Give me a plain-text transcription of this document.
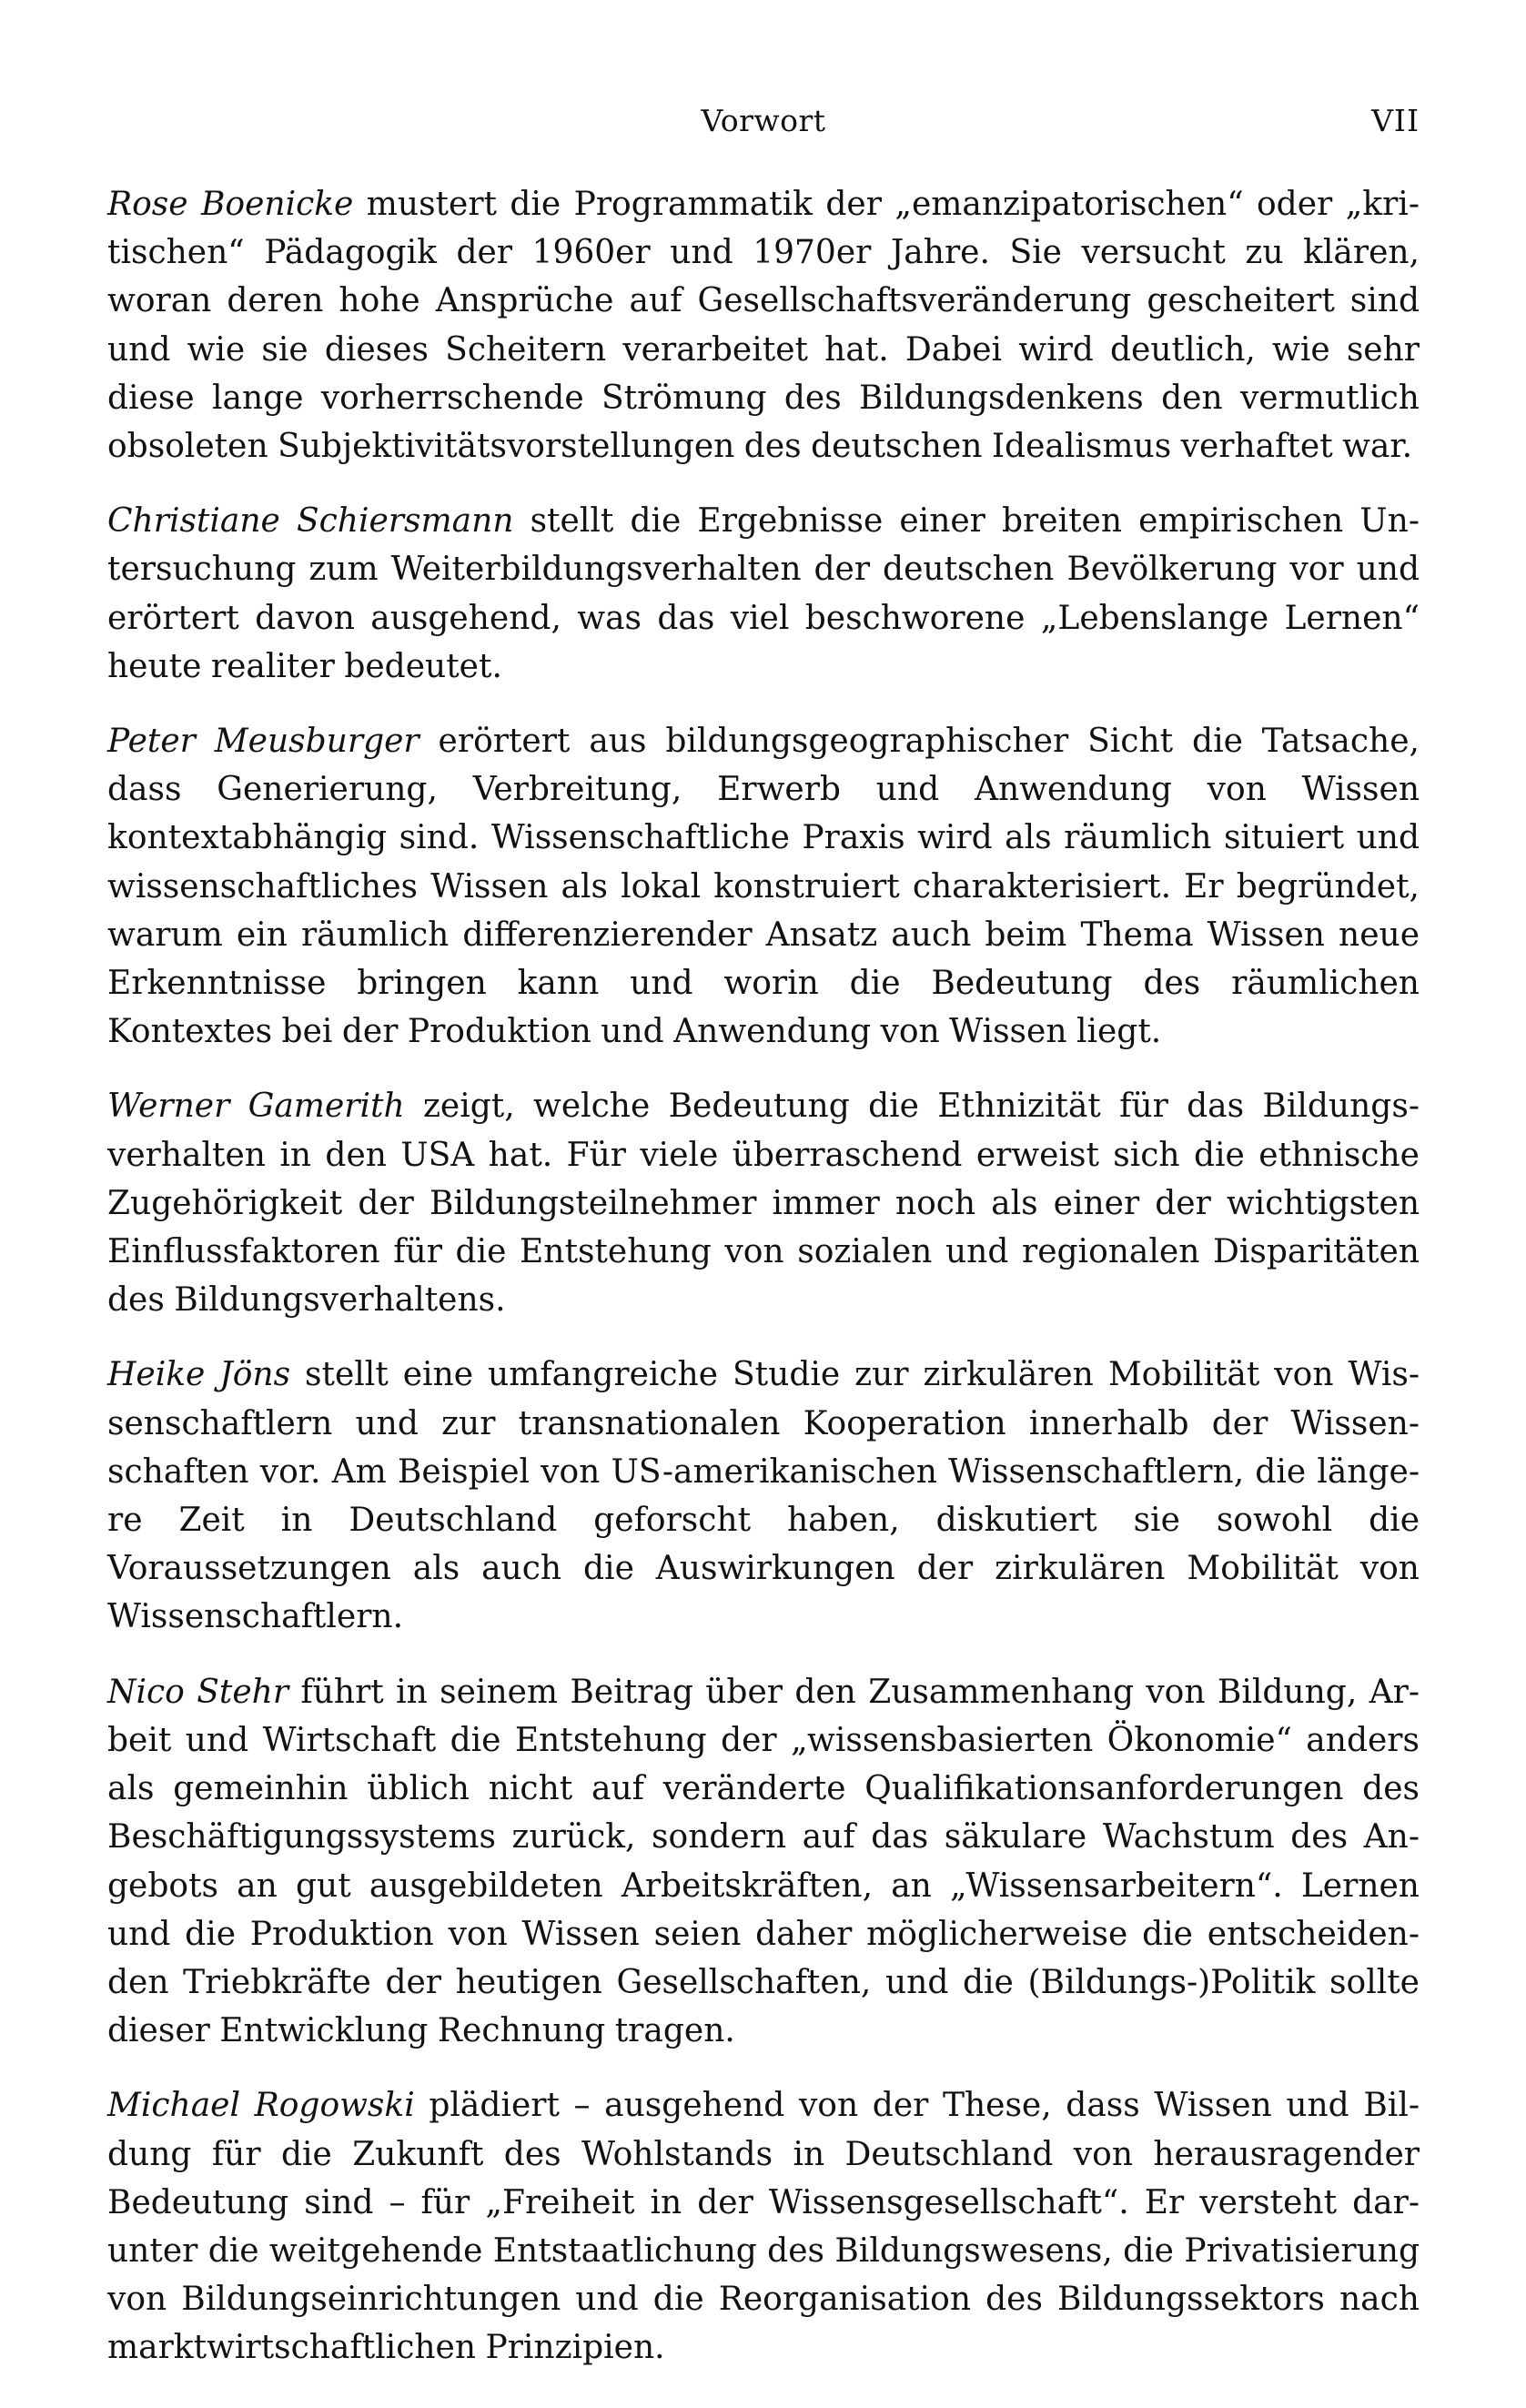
Vorwort	VII

Rose Boenicke mustert die Programmatik der „emanzipatorischen“ oder „kritischen“ Pädagogik der 1960er und 1970er Jahre. Sie versucht zu klären, woran deren hohe Ansprüche auf Gesellschaftsveränderung gescheitert sind und wie sie dieses Scheitern verarbeitet hat. Dabei wird deutlich, wie sehr diese lange vorherrschende Strömung des Bildungsdenkens den vermutlich obsoleten Subjektivitätsvorstellungen des deutschen Idealismus verhaftet war.

Christiane Schiersmann stellt die Ergebnisse einer breiten empirischen Untersuchung zum Weiterbildungsverhalten der deutschen Bevölkerung vor und erörtert davon ausgehend, was das viel beschworene „Lebenslange Lernen“ heute realiter bedeutet.

Peter Meusburger erörtert aus bildungsgeographischer Sicht die Tatsache, dass Generierung, Verbreitung, Erwerb und Anwendung von Wissen kontextabhängig sind. Wissenschaftliche Praxis wird als räumlich situiert und wissenschaftliches Wissen als lokal konstruiert charakterisiert. Er begründet, warum ein räumlich differenzierender Ansatz auch beim Thema Wissen neue Erkenntnisse bringen kann und worin die Bedeutung des räumlichen Kontextes bei der Produktion und Anwendung von Wissen liegt.

Werner Gamerith zeigt, welche Bedeutung die Ethnizität für das Bildungsverhalten in den USA hat. Für viele überraschend erweist sich die ethnische Zugehörigkeit der Bildungsteilnehmer immer noch als einer der wichtigsten Einflussfaktoren für die Entstehung von sozialen und regionalen Disparitäten des Bildungsverhaltens.

Heike Jöns stellt eine umfangreiche Studie zur zirkulären Mobilität von Wissenschaftlern und zur transnationalen Kooperation innerhalb der Wissenschaften vor. Am Beispiel von US-amerikanischen Wissenschaftlern, die längere Zeit in Deutschland geforscht haben, diskutiert sie sowohl die Voraussetzungen als auch die Auswirkungen der zirkulären Mobilität von Wissenschaftlern.

Nico Stehr führt in seinem Beitrag über den Zusammenhang von Bildung, Arbeit und Wirtschaft die Entstehung der „wissensbasierten Ökonomie“ anders als gemeinhin üblich nicht auf veränderte Qualifikationsanforderungen des Beschäftigungssystems zurück, sondern auf das säkulare Wachstum des Angebots an gut ausgebildeten Arbeitskräften, an „Wissensarbeitern“. Lernen und die Produktion von Wissen seien daher möglicherweise die entscheidenden Triebkräfte der heutigen Gesellschaften, und die (Bildungs-)Politik sollte dieser Entwicklung Rechnung tragen.

Michael Rogowski plädiert – ausgehend von der These, dass Wissen und Bildung für die Zukunft des Wohlstands in Deutschland von herausragender Bedeutung sind – für „Freiheit in der Wissensgesellschaft“. Er versteht darunter die weitgehende Entstaatlichung des Bildungswesens, die Privatisierung von Bildungseinrichtungen und die Reorganisation des Bildungssektors nach marktwirtschaftlichen Prinzipien.
